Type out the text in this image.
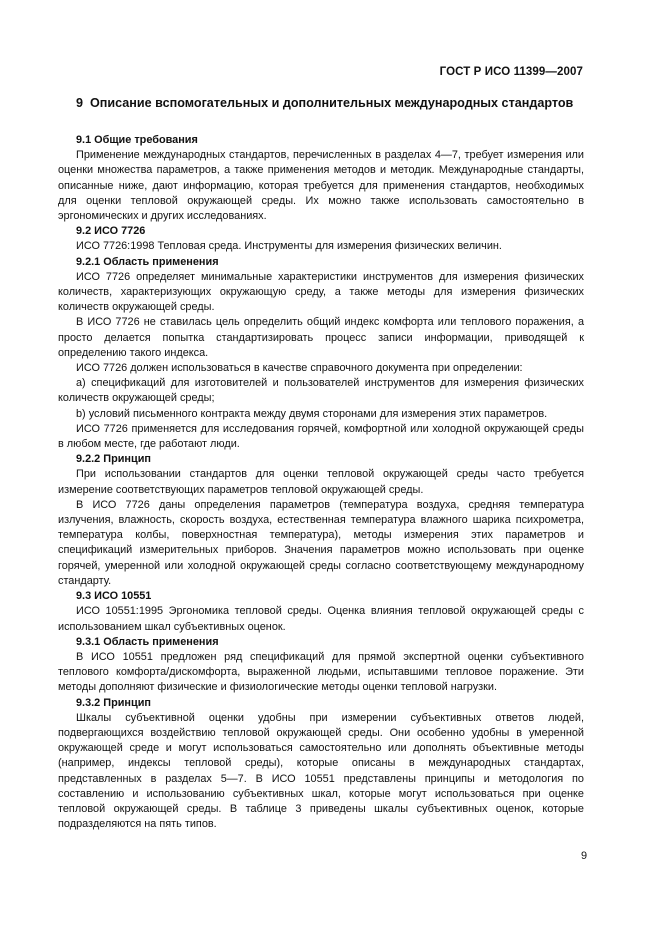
ГОСТ Р ИСО 11399—2007
9 Описание вспомогательных и дополнительных международных стандартов
9.1 Общие требования
Применение международных стандартов, перечисленных в разделах 4—7, требует измерения или оценки множества параметров, а также применения методов и методик. Международные стандарты, описанные ниже, дают информацию, которая требуется для применения стандартов, необходимых для оценки тепловой окружающей среды. Их можно также использовать самостоятельно в эргономических и других исследованиях.
9.2 ИСО 7726
ИСО 7726:1998 Тепловая среда. Инструменты для измерения физических величин.
9.2.1 Область применения
ИСО 7726 определяет минимальные характеристики инструментов для измерения физических количеств, характеризующих окружающую среду, а также методы для измерения физических количеств окружающей среды.
В ИСО 7726 не ставилась цель определить общий индекс комфорта или теплового поражения, а просто делается попытка стандартизировать процесс записи информации, приводящей к определению такого индекса.
ИСО 7726 должен использоваться в качестве справочного документа при определении:
a) спецификаций для изготовителей и пользователей инструментов для измерения физических количеств окружающей среды;
b) условий письменного контракта между двумя сторонами для измерения этих параметров.
ИСО 7726 применяется для исследования горячей, комфортной или холодной окружающей среды в любом месте, где работают люди.
9.2.2 Принцип
При использовании стандартов для оценки тепловой окружающей среды часто требуется измерение соответствующих параметров тепловой окружающей среды.
В ИСО 7726 даны определения параметров (температура воздуха, средняя температура излучения, влажность, скорость воздуха, естественная температура влажного шарика психрометра, температура колбы, поверхностная температура), методы измерения этих параметров и спецификаций измерительных приборов. Значения параметров можно использовать при оценке горячей, умеренной или холодной окружающей среды согласно соответствующему международному стандарту.
9.3 ИСО 10551
ИСО 10551:1995 Эргономика тепловой среды. Оценка влияния тепловой окружающей среды с использованием шкал субъективных оценок.
9.3.1 Область применения
В ИСО 10551 предложен ряд спецификаций для прямой экспертной оценки субъективного теплового комфорта/дискомфорта, выраженной людьми, испытавшими тепловое поражение. Эти методы дополняют физические и физиологические методы оценки тепловой нагрузки.
9.3.2 Принцип
Шкалы субъективной оценки удобны при измерении субъективных ответов людей, подвергающихся воздействию тепловой окружающей среды. Они особенно удобны в умеренной окружающей среде и могут использоваться самостоятельно или дополнять объективные методы (например, индексы тепловой среды), которые описаны в международных стандартах, представленных в разделах 5—7. В ИСО 10551 представлены принципы и методология по составлению и использованию субъективных шкал, которые могут использоваться при оценке тепловой окружающей среды. В таблице 3 приведены шкалы субъективных оценок, которые подразделяются на пять типов.
9
